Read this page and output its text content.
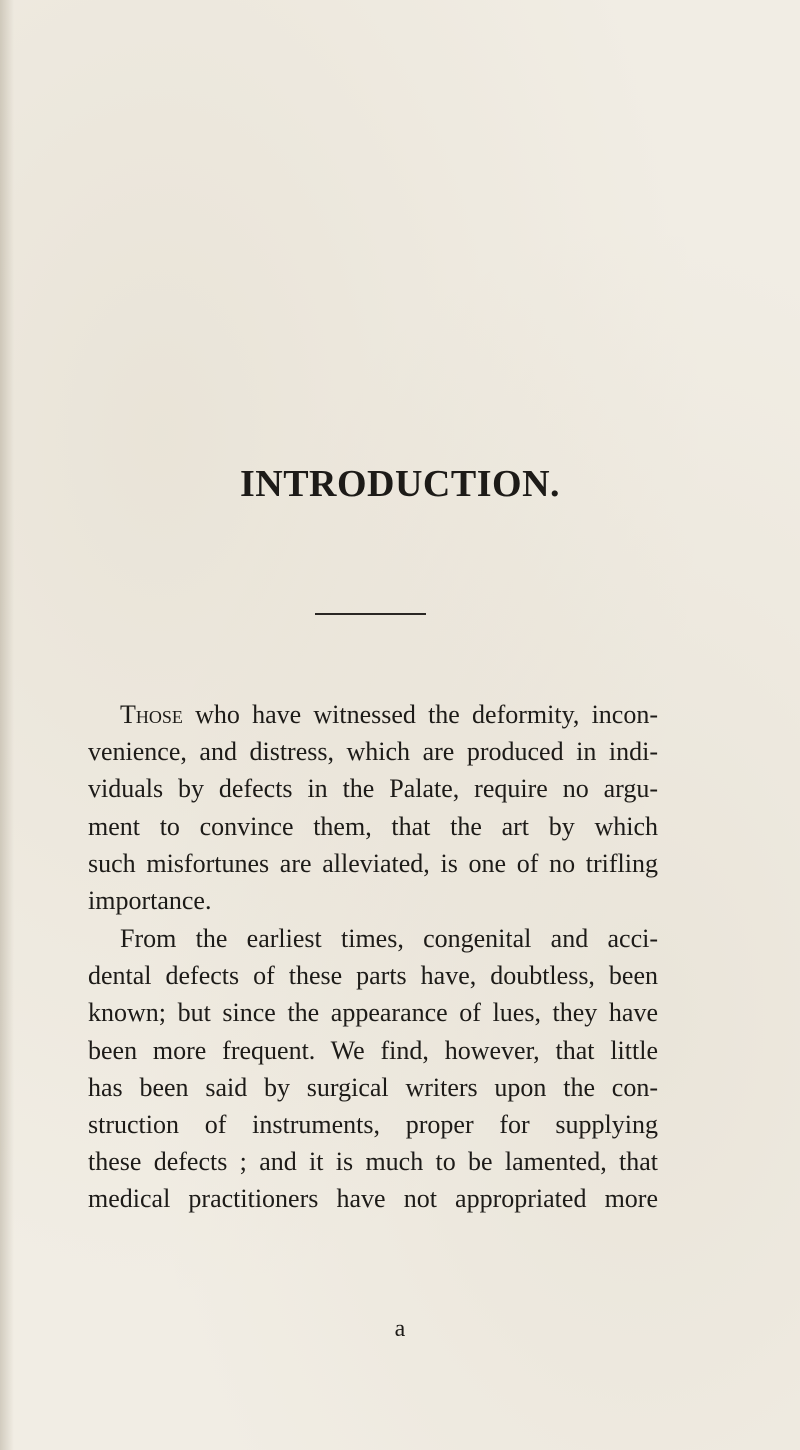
INTRODUCTION.
Those who have witnessed the deformity, incon-
venience, and distress, which are produced in indi-
viduals by defects in the Palate, require no argu-
ment to convince them, that the art by which
such misfortunes are alleviated, is one of no trifling
importance.
From the earliest times, congenital and acci-
dental defects of these parts have, doubtless, been
known; but since the appearance of lues, they have
been more frequent. We find, however, that little
has been said by surgical writers upon the con-
struction of instruments, proper for supplying
these defects ; and it is much to be lamented, that
medical practitioners have not appropriated more
a
